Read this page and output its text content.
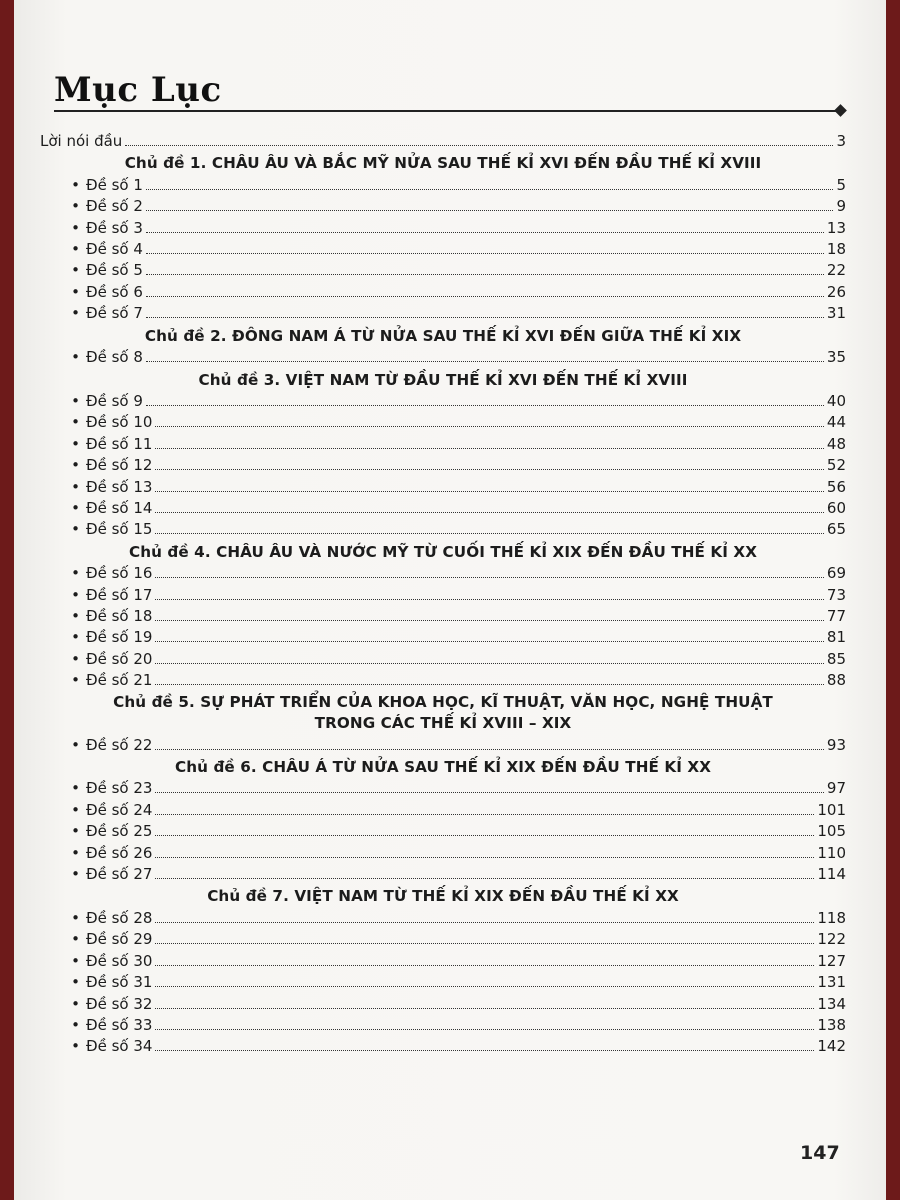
Mục Lục
Lời nói đầu	3
Chủ đề 1. CHÂU ÂU VÀ BẮC MỸ NỬA SAU THẾ KỈ XVI ĐẾN ĐẦU THẾ KỈ XVIII
• Đề số 1	5
• Đề số 2	9
• Đề số 3	13
• Đề số 4	18
• Đề số 5	22
• Đề số 6	26
• Đề số 7	31
Chủ đề 2. ĐÔNG NAM Á TỪ NỬA SAU THẾ KỈ XVI ĐẾN GIỮA THẾ KỈ XIX
• Đề số 8	35
Chủ đề 3. VIỆT NAM TỪ ĐẦU THẾ KỈ XVI ĐẾN THẾ KỈ XVIII
• Đề số 9	40
• Đề số 10	44
• Đề số 11	48
• Đề số 12	52
• Đề số 13	56
• Đề số 14	60
• Đề số 15	65
Chủ đề 4. CHÂU ÂU VÀ NƯỚC MỸ TỪ CUỐI THẾ KỈ XIX ĐẾN ĐẦU THẾ KỈ XX
• Đề số 16	69
• Đề số 17	73
• Đề số 18	77
• Đề số 19	81
• Đề số 20	85
• Đề số 21	88
Chủ đề 5. SỰ PHÁT TRIỂN CỦA KHOA HỌC, KĨ THUẬT, VĂN HỌC, NGHỆ THUẬT
TRONG CÁC THẾ KỈ XVIII – XIX
• Đề số 22	93
Chủ đề 6. CHÂU Á TỪ NỬA SAU THẾ KỈ XIX ĐẾN ĐẦU THẾ KỈ XX
• Đề số 23	97
• Đề số 24	101
• Đề số 25	105
• Đề số 26	110
• Đề số 27	114
Chủ đề 7. VIỆT NAM TỪ THẾ KỈ XIX ĐẾN ĐẦU THẾ KỈ XX
• Đề số 28	118
• Đề số 29	122
• Đề số 30	127
• Đề số 31	131
• Đề số 32	134
• Đề số 33	138
• Đề số 34	142
147
